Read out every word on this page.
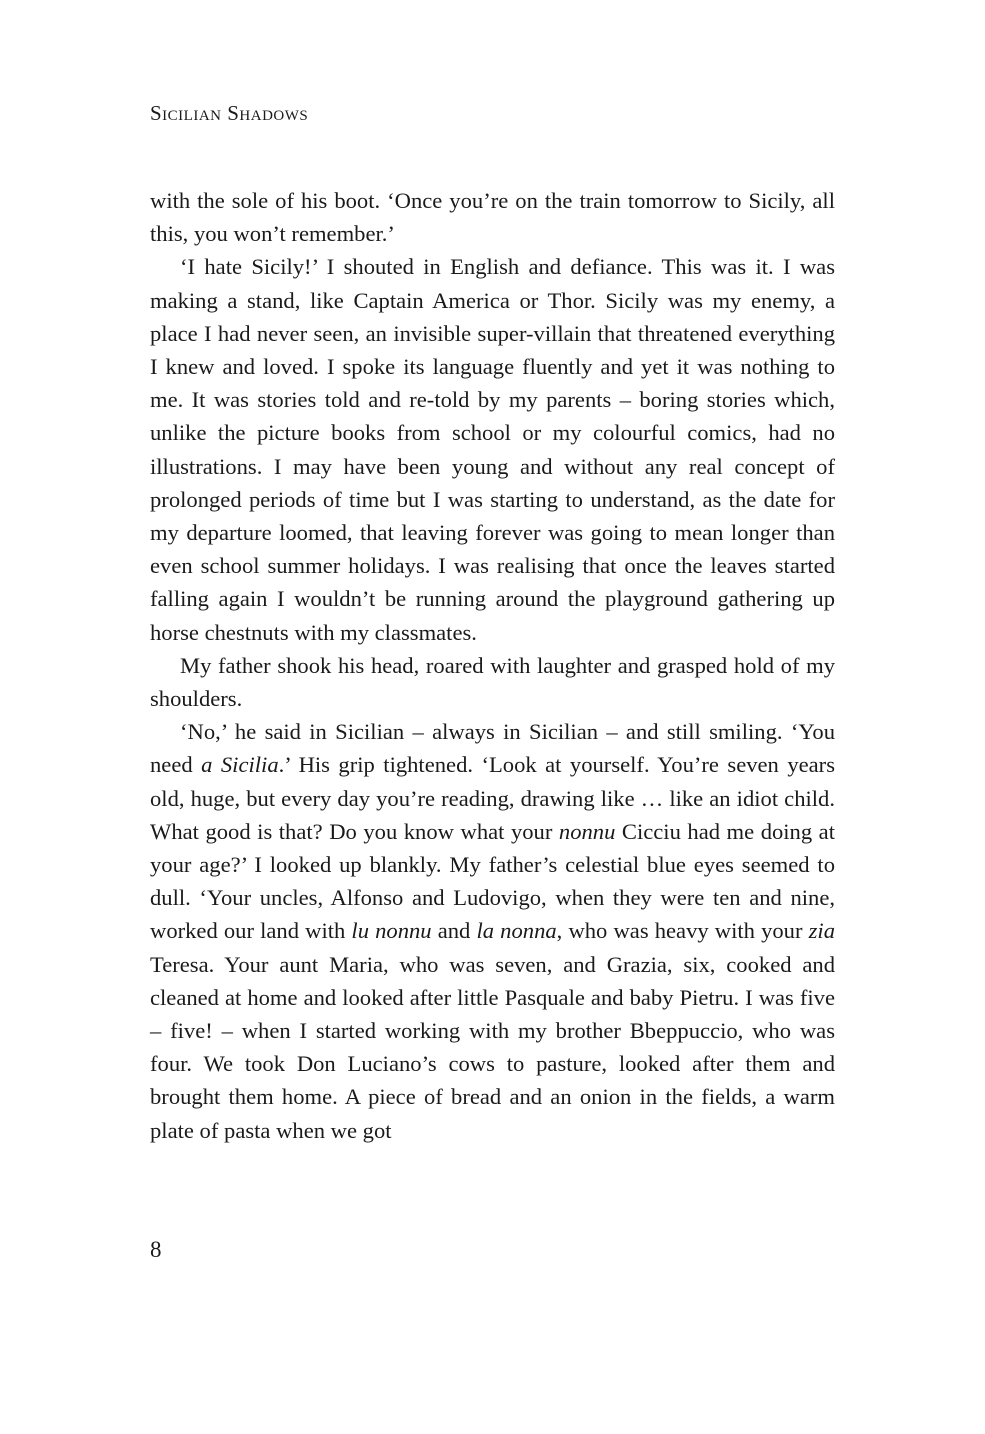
Sicilian Shadows

with the sole of his boot. ‘Once you’re on the train tomorrow to Sicily, all this, you won’t remember.’

‘I hate Sicily!’ I shouted in English and defiance. This was it. I was making a stand, like Captain America or Thor. Sicily was my enemy, a place I had never seen, an invisible super-villain that threatened everything I knew and loved. I spoke its language fluently and yet it was nothing to me. It was stories told and re-told by my parents – boring stories which, unlike the picture books from school or my colourful comics, had no illustrations. I may have been young and without any real concept of prolonged periods of time but I was starting to understand, as the date for my departure loomed, that leaving forever was going to mean longer than even school summer holidays. I was realising that once the leaves started falling again I wouldn’t be running around the playground gathering up horse chestnuts with my classmates.

My father shook his head, roared with laughter and grasped hold of my shoulders.

‘No,’ he said in Sicilian – always in Sicilian – and still smiling. ‘You need a Sicilia.’ His grip tightened. ‘Look at yourself. You’re seven years old, huge, but every day you’re reading, drawing like … like an idiot child. What good is that? Do you know what your nonnu Cicciu had me doing at your age?’ I looked up blankly. My father’s celestial blue eyes seemed to dull. ‘Your uncles, Alfonso and Ludovigo, when they were ten and nine, worked our land with lu nonnu and la nonna, who was heavy with your zia Teresa. Your aunt Maria, who was seven, and Grazia, six, cooked and cleaned at home and looked after little Pasquale and baby Pietru. I was five – five! – when I started working with my brother Bbeppuccio, who was four. We took Don Luciano’s cows to pasture, looked after them and brought them home. A piece of bread and an onion in the fields, a warm plate of pasta when we got

8
